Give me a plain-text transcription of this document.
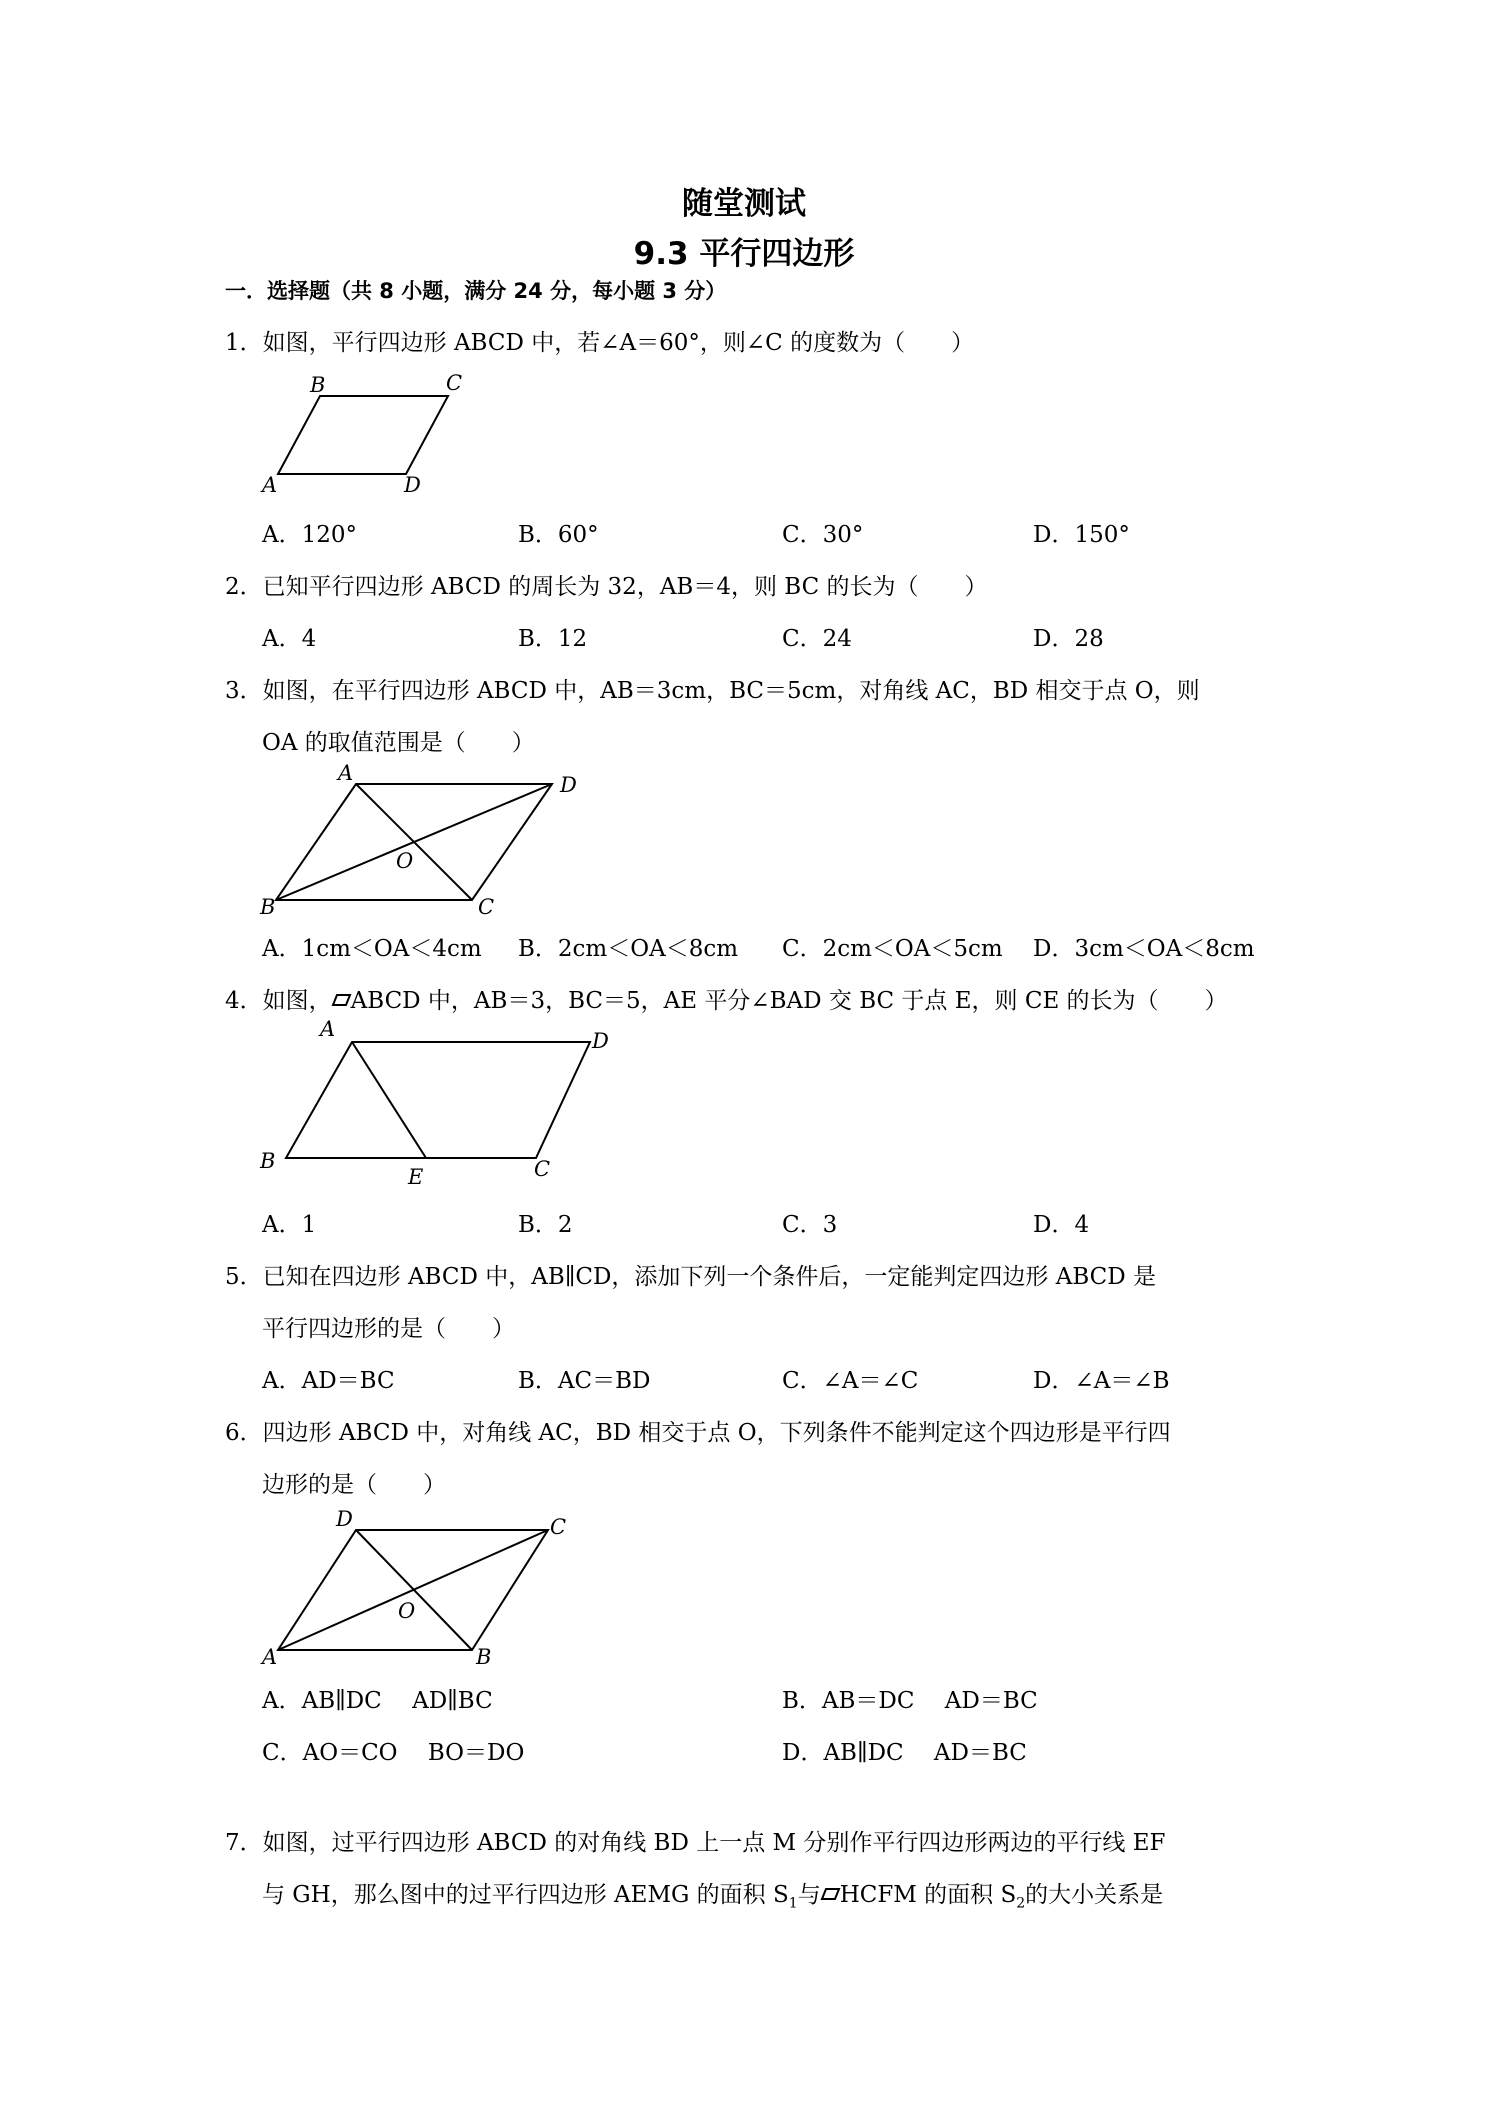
随堂测试
9.3 平行四边形
一．选择题（共 8 小题，满分 24 分，每小题 3 分）
1．如图，平行四边形 ABCD 中，若∠A＝60°，则∠C 的度数为（　　）
B	C
A	D
A．120°	B．60°	C．30°	D．150°
2．已知平行四边形 ABCD 的周长为 32，AB＝4，则 BC 的长为（　　）
A．4	B．12	C．24	D．28
3．如图，在平行四边形 ABCD 中，AB＝3cm，BC＝5cm，对角线 AC，BD 相交于点 O，则
OA 的取值范围是（　　）
A	D
O
B	C
A．1cm＜OA＜4cm B．2cm＜OA＜8cm C．2cm＜OA＜5cm D．3cm＜OA＜8cm
4．如图， ABCD 中，AB＝3，BC＝5，AE 平分∠BAD 交 BC 于点 E，则 CE 的长为（　　）
A	D
B
E	C
A．1	B．2	C．3	D．4
5．已知在四边形 ABCD 中，AB∥CD，添加下列一个条件后，一定能判定四边形 ABCD 是
平行四边形的是（　　）
A．AD＝BC	B．AC＝BD	C．∠A＝∠C	D．∠A＝∠B
6．四边形 ABCD 中，对角线 AC，BD 相交于点 O，下列条件不能判定这个四边形是平行四
边形的是（　　）
D	C
O
A	B
A．AB∥DC　 AD∥BC	B．AB＝DC　 AD＝BC
C．AO＝CO　 BO＝DO	D．AB∥DC　 AD＝BC
7．如图，过平行四边形 ABCD 的对角线 BD 上一点 M 分别作平行四边形两边的平行线 EF
与 GH，那么图中的过平行四边形 AEMG 的面积 $S_1$与 HCFM 的面积 $S_2$的大小关系是
